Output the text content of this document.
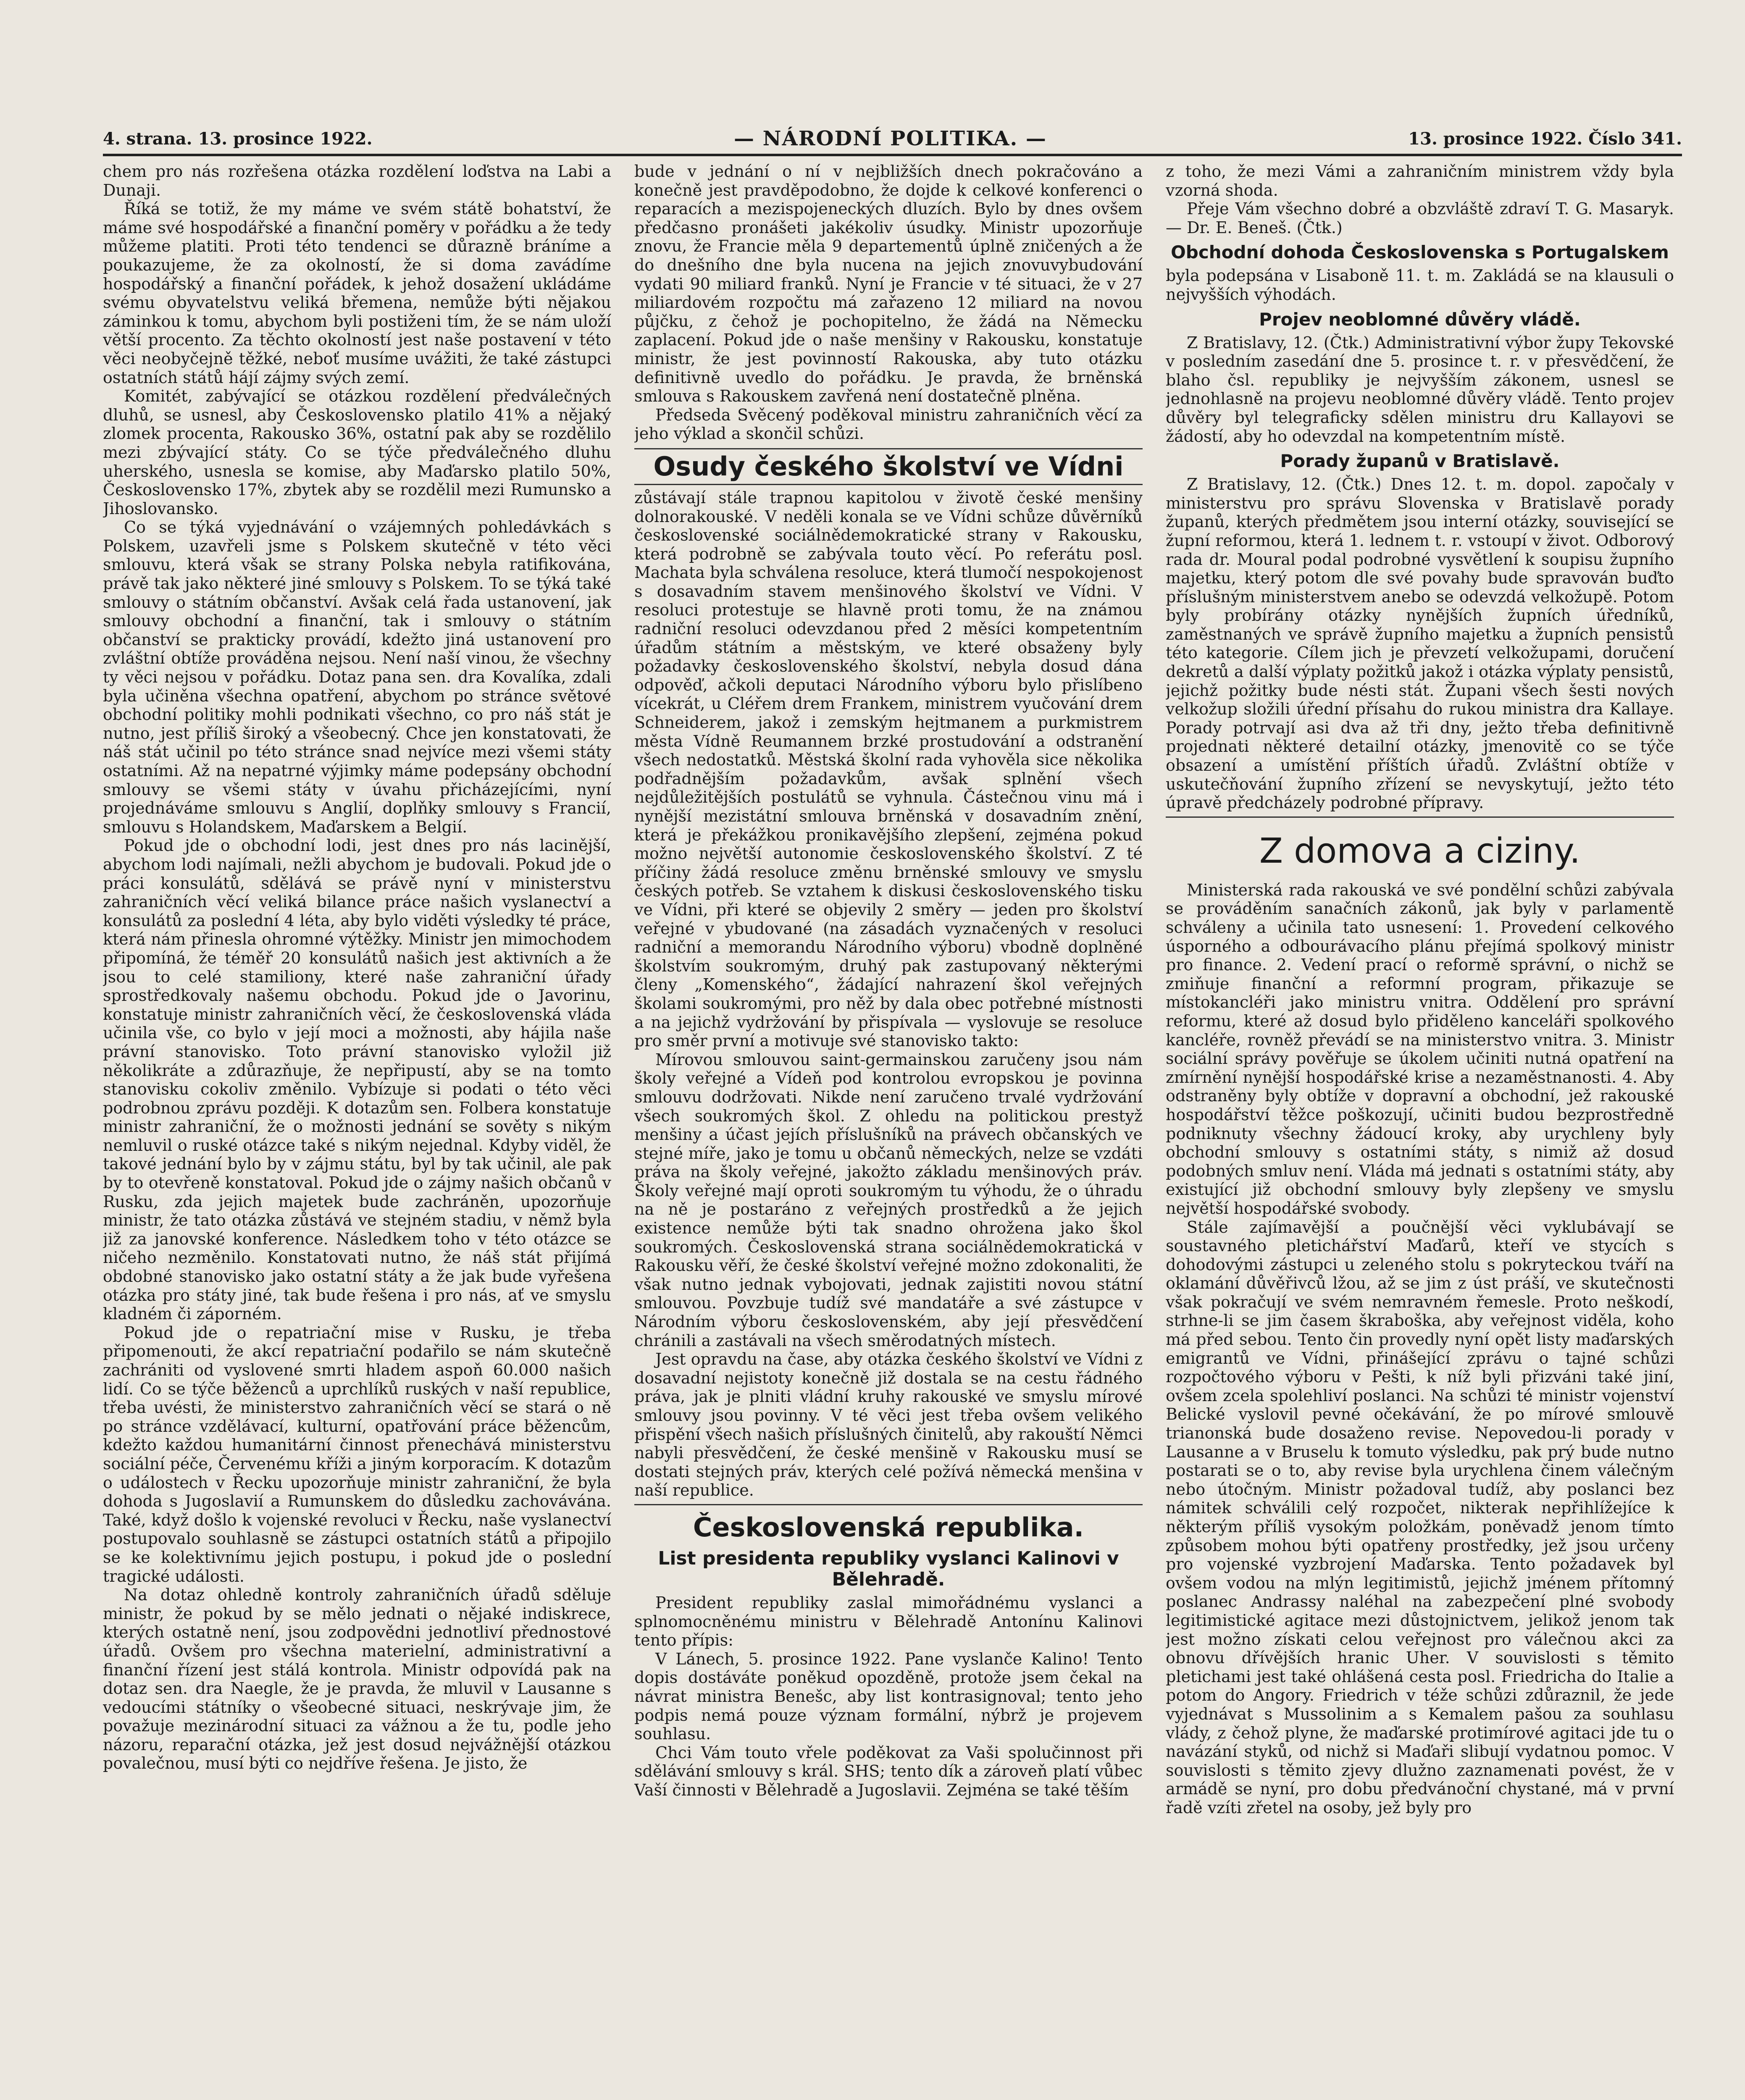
4. strana. 13. prosince 1922.	— NÁRODNÍ POLITIKA. —	13. prosince 1922. Číslo 341.

chem pro nás rozřešena otázka rozdělení loďstva na Labi a Dunaji.

Říká se totiž, že my máme ve svém státě bohatství, že máme své hospodářské a finanční poměry v pořádku a že tedy můžeme platiti. Proti této tendenci se důrazně bráníme a poukazujeme, že za okolností, že si doma zavádíme hospodářský a finanční pořádek, k jehož dosažení ukládáme svému obyvatelstvu veliká břemena, nemůže býti nějakou záminkou k tomu, abychom byli postiženi tím, že se nám uloží větší procento. Za těchto okolností jest naše postavení v této věci neobyčejně těžké, neboť musíme uvážiti, že také zástupci ostatních států hájí zájmy svých zemí.

Komitét, zabývající se otázkou rozdělení předválečných dluhů, se usnesl, aby Československo platilo 41% a nějaký zlomek procenta, Rakousko 36%, ostatní pak aby se rozdělilo mezi zbývající státy. Co se týče předválečného dluhu uherského, usnesla se komise, aby Maďarsko platilo 50%, Československo 17%, zbytek aby se rozdělil mezi Rumunsko a Jihoslovansko.

Co se týká vyjednávání o vzájemných pohledávkách s Polskem, uzavřeli jsme s Polskem skutečně v této věci smlouvu, která však se strany Polska nebyla ratifikována, právě tak jako některé jiné smlouvy s Polskem. To se týká také smlouvy o státním občanství. Avšak celá řada ustanovení, jak smlouvy obchodní a finanční, tak i smlouvy o státním občanství se prakticky provádí, kdežto jiná ustanovení pro zvláštní obtíže prováděna nejsou. Není naší vinou, že všechny ty věci nejsou v pořádku. Dotaz pana sen. dra Kovalíka, zdali byla učiněna všechna opatření, abychom po stránce světové obchodní politiky mohli podnikati všechno, co pro náš stát je nutno, jest příliš široký a všeobecný. Chce jen konstatovati, že náš stát učinil po této stránce snad nejvíce mezi všemi státy ostatními. Až na nepatrné výjimky máme podepsány obchodní smlouvy se všemi státy v úvahu přicházejícími, nyní projednáváme smlouvu s Anglií, doplňky smlouvy s Francií, smlouvu s Holandskem, Maďarskem a Belgií.

Pokud jde o obchodní lodi, jest dnes pro nás lacinější, abychom lodi najímali, nežli abychom je budovali. Pokud jde o práci konsulátů, sdělává se právě nyní v ministerstvu zahraničních věcí veliká bilance práce našich vyslanectví a konsulátů za poslední 4 léta, aby bylo viděti výsledky té práce, která nám přinesla ohromné výtěžky. Ministr jen mimochodem připomíná, že téměř 20 konsulátů našich jest aktivních a že jsou to celé stamiliony, které naše zahraniční úřady sprostředkovaly našemu obchodu. Pokud jde o Javorinu, konstatuje ministr zahraničních věcí, že československá vláda učinila vše, co bylo v její moci a možnosti, aby hájila naše právní stanovisko. Toto právní stanovisko vyložil již několikráte a zdůrazňuje, že nepřipustí, aby se na tomto stanovisku cokoliv změnilo. Vybízuje si podati o této věci podrobnou zprávu později. K dotazům sen. Folbera konstatuje ministr zahraniční, že o možnosti jednání se sověty s nikým nemluvil o ruské otázce také s nikým nejednal. Kdyby viděl, že takové jednání bylo by v zájmu státu, byl by tak učinil, ale pak by to otevřeně konstatoval. Pokud jde o zájmy našich občanů v Rusku, zda jejich majetek bude zachráněn, upozorňuje ministr, že tato otázka zůstává ve stejném stadiu, v němž byla již za janovské konference. Následkem toho v této otázce se ničeho nezměnilo. Konstatovati nutno, že náš stát přijímá obdobné stanovisko jako ostatní státy a že jak bude vyřešena otázka pro státy jiné, tak bude řešena i pro nás, ať ve smyslu kladném či záporném.

Pokud jde o repatriační mise v Rusku, je třeba připomenouti, že akcí repatriační podařilo se nám skutečně zachrániti od vyslovené smrti hladem aspoň 60.000 našich lidí. Co se týče běženců a uprchlíků ruských v naší republice, třeba uvésti, že ministerstvo zahraničních věcí se stará o ně po stránce vzdělávací, kulturní, opatřování práce běžencům, kdežto každou humanitární činnost přenechává ministerstvu sociální péče, Červenému kříži a jiným korporacím. K dotazům o událostech v Řecku upozorňuje ministr zahraniční, že byla dohoda s Jugoslavií a Rumunskem do důsledku zachovávána. Také, když došlo k vojenské revoluci v Řecku, naše vyslanectví postupovalo souhlasně se zástupci ostatních států a připojilo se ke kolektivnímu jejich postupu, i pokud jde o poslední tragické události.

Na dotaz ohledně kontroly zahraničních úřadů sděluje ministr, že pokud by se mělo jednati o nějaké indiskrece, kterých ostatně není, jsou zodpovědni jednotliví přednostové úřadů. Ovšem pro všechna materielní, administrativní a finanční řízení jest stálá kontrola. Ministr odpovídá pak na dotaz sen. dra Naegle, že je pravda, že mluvil v Lausanne s vedoucími státníky o všeobecné situaci, neskrývaje jim, že považuje mezinárodní situaci za vážnou a že tu, podle jeho názoru, reparační otázka, jež jest dosud nejvážnější otázkou povalečnou, musí býti co nejdříve řešena. Je jisto, že

bude v jednání o ní v nejbližších dnech pokračováno a konečně jest pravděpodobno, že dojde k celkové konferenci o reparacích a mezispojeneckých dluzích. Bylo by dnes ovšem předčasno pronášeti jakékoliv úsudky. Ministr upozorňuje znovu, že Francie měla 9 departementů úplně zničených a že do dnešního dne byla nucena na jejich znovuvybudování vydati 90 miliard franků. Nyní je Francie v té situaci, že v 27 miliardovém rozpočtu má zařazeno 12 miliard na novou půjčku, z čehož je pochopitelno, že žádá na Německu zaplacení. Pokud jde o naše menšiny v Rakousku, konstatuje ministr, že jest povinností Rakouska, aby tuto otázku definitivně uvedlo do pořádku. Je pravda, že brněnská smlouva s Rakouskem zavřená není dostatečně plněna.

Předseda Svěcený poděkoval ministru zahraničních věcí za jeho výklad a skončil schůzi.

Osudy českého školství ve Vídni

zůstávají stále trapnou kapitolou v životě české menšiny dolnorakouské. V neděli konala se ve Vídni schůze důvěrníků československé sociálnědemokratické strany v Rakousku, která podrobně se zabývala touto věcí. Po referátu posl. Machata byla schválena resoluce, která tlumočí nespokojenost s dosavadním stavem menšinového školství ve Vídni. V resoluci protestuje se hlavně proti tomu, že na známou radniční resoluci odevzdanou před 2 měsíci kompetentním úřadům státním a městským, ve které obsaženy byly požadavky československého školství, nebyla dosud dána odpověď, ačkoli deputaci Národního výboru bylo přislíbeno vícekrát, u Cléřem drem Frankem, ministrem vyučování drem Schneiderem, jakož i zemským hejtmanem a purkmistrem města Vídně Reumannem brzké prostudování a odstranění všech nedostatků. Městská školní rada vyhověla sice několika podřadnějším požadavkům, avšak splnění všech nejdůležitějších postulátů se vyhnula. Částečnou vinu má i nynější mezistátní smlouva brněnská v dosavadním znění, která je překážkou pronikavějšího zlepšení, zejména pokud možno největší autonomie československého školství. Z té příčiny žádá resoluce změnu brněnské smlouvy ve smyslu českých potřeb. Se vztahem k diskusi československého tisku ve Vídni, při které se objevily 2 směry — jeden pro školství veřejné v ybudované (na zásadách vyznačených v resoluci radniční a memorandu Národního výboru) vbodně doplněné školstvím soukromým, druhý pak zastupovaný některými členy „Komenského“, žádající nahrazení škol veřejných školami soukromými, pro něž by dala obec potřebné místnosti a na jejichž vydržování by přispívala — vyslovuje se resoluce pro směr první a motivuje své stanovisko takto:

Mírovou smlouvou saint-germainskou zaručeny jsou nám školy veřejné a Vídeň pod kontrolou evropskou je povinna smlouvu dodržovati. Nikde není zaručeno trvalé vydržování všech soukromých škol. Z ohledu na politickou prestyž menšiny a účast jejích příslušníků na právech občanských ve stejné míře, jako je tomu u občanů německých, nelze se vzdáti práva na školy veřejné, jakožto základu menšinových práv. Školy veřejné mají oproti soukromým tu výhodu, že o úhradu na ně je postaráno z veřejných prostředků a že jejich existence nemůže býti tak snadno ohrožena jako škol soukromých. Československá strana sociálnědemokratická v Rakousku věří, že české školství veřejné možno zdokonaliti, že však nutno jednak vybojovati, jednak zajistiti novou státní smlouvou. Povzbuje tudíž své mandatáře a své zástupce v Národním výboru československém, aby její přesvědčení chránili a zastávali na všech směrodatných místech.

Jest opravdu na čase, aby otázka českého školství ve Vídni z dosavadní nejistoty konečně již dostala se na cestu řádného práva, jak je plniti vládní kruhy rakouské ve smyslu mírové smlouvy jsou povinny. V té věci jest třeba ovšem velikého přispění všech našich příslušných činitelů, aby rakouští Němci nabyli přesvědčení, že české menšině v Rakousku musí se dostati stejných práv, kterých celé požívá německá menšina v naší republice.

Československá republika.
List presidenta republiky vyslanci Kalinovi v Bělehradě.

President republiky zaslal mimořádnému vyslanci a splnomocněnému ministru v Bělehradě Antonínu Kalinovi tento přípis:

V Lánech, 5. prosince 1922. Pane vyslanče Kalino! Tento dopis dostáváte poněkud opozděně, protože jsem čekal na návrat ministra Benešc, aby list kontrasignoval; tento jeho podpis nemá pouze význam formální, nýbrž je projevem souhlasu.

Chci Vám touto vřele poděkovat za Vaši spolučinnost při sdělávání smlouvy s král. SHS; tento dík a zároveň platí vůbec Vaší činnosti v Bělehradě a Jugoslavii. Zejména se také těším

z toho, že mezi Vámi a zahraničním ministrem vždy byla vzorná shoda.

Přeje Vám všechno dobré a obzvláště zdraví T. G. Masaryk. — Dr. E. Beneš. (Čtk.)

Obchodní dohoda Československa s Portugalskem

byla podepsána v Lisaboně 11. t. m. Zakládá se na klausuli o nejvyšších výhodách.

Projev neoblomné důvěry vládě.

Z Bratislavy, 12. (Čtk.) Administrativní výbor župy Tekovské v posledním zasedání dne 5. prosince t. r. v přesvědčení, že blaho čsl. republiky je nejvyšším zákonem, usnesl se jednohlasně na projevu neoblomné důvěry vládě. Tento projev důvěry byl telegraficky sdělen ministru dru Kallayovi se žádostí, aby ho odevzdal na kompetentním místě.

Porady županů v Bratislavě.

Z Bratislavy, 12. (Čtk.) Dnes 12. t. m. dopol. započaly v ministerstvu pro správu Slovenska v Bratislavě porady županů, kterých předmětem jsou interní otázky, související se župní reformou, která 1. lednem t. r. vstoupí v život. Odborový rada dr. Moural podal podrobné vysvětlení k soupisu župního majetku, který potom dle své povahy bude spravován buďto příslušným ministerstvem anebo se odevzdá velkožupě. Potom byly probírány otázky nynějších župních úředníků, zaměstnaných ve správě župního majetku a župních pensistů této kategorie. Cílem jich je převzetí velkožupami, doručení dekretů a další výplaty požitků jakož i otázka výplaty pensistů, jejichž požitky bude nésti stát. Župani všech šesti nových velkožup složili úřední přísahu do rukou ministra dra Kallaye. Porady potrvají asi dva až tři dny, ježto třeba definitivně projednati některé detailní otázky, jmenovitě co se týče obsazení a umístění příštích úřadů. Zvláštní obtíže v uskutečňování župního zřízení se nevyskytují, ježto této úpravě předcházely podrobné přípravy.

Z domova a ciziny.

Ministerská rada rakouská ve své pondělní schůzi zabývala se prováděním sanačních zákonů, jak byly v parlamentě schváleny a učinila tato usnesení: 1. Provedení celkového úsporného a odbourávacího plánu přejímá spolkový ministr pro finance. 2. Vedení prací o reformě správní, o nichž se zmiňuje finanční a reformní program, přikazuje se místokancléři jako ministru vnitra. Oddělení pro správní reformu, které až dosud bylo přiděleno kanceláři spolkového kancléře, rovněž převádí se na ministerstvo vnitra. 3. Ministr sociální správy pověřuje se úkolem učiniti nutná opatření na zmírnění nynější hospodářské krise a nezaměstnanosti. 4. Aby odstraněny byly obtíže v dopravní a obchodní, jež rakouské hospodářství těžce poškozují, učiniti budou bezprostředně podniknuty všechny žádoucí kroky, aby urychleny byly obchodní smlouvy s ostatními státy, s nimiž až dosud podobných smluv není. Vláda má jednati s ostatními státy, aby existující již obchodní smlouvy byly zlepšeny ve smyslu největší hospodářské svobody.

Stále zajímavější a poučnější věci vyklubávají se soustavného pletichářství Maďarů, kteří ve stycích s dohodovými zástupci u zeleného stolu s pokryteckou tváří na oklamání důvěřivců lžou, až se jim z úst práší, ve skutečnosti však pokračují ve svém nemravném řemesle. Proto neškodí, strhne-li se jim časem škraboška, aby veřejnost viděla, koho má před sebou. Tento čin provedly nyní opět listy maďarských emigrantů ve Vídni, přinášející zprávu o tajné schůzi rozpočtového výboru v Pešti, k níž byli přizváni také jiní, ovšem zcela spolehliví poslanci. Na schůzi té ministr vojenství Belické vyslovil pevné očekávání, že po mírové smlouvě trianonská bude dosaženo revise. Nepovedou-li porady v Lausanne a v Bruselu k tomuto výsledku, pak prý bude nutno postarati se o to, aby revise byla urychlena činem válečným nebo útočným. Ministr požadoval tudíž, aby poslanci bez námitek schválili celý rozpočet, nikterak nepřihlížejíce k některým příliš vysokým položkám, poněvadž jenom tímto způsobem mohou býti opatřeny prostředky, jež jsou určeny pro vojenské vyzbrojení Maďarska. Tento požadavek byl ovšem vodou na mlýn legitimistů, jejichž jménem přítomný poslanec Andrassy naléhal na zabezpečení plné svobody legitimistické agitace mezi důstojnictvem, jelikož jenom tak jest možno získati celou veřejnost pro válečnou akci za obnovu dřívějších hranic Uher. V souvislosti s těmito pletichami jest také ohlášená cesta posl. Friedricha do Italie a potom do Angory. Friedrich v téže schůzi zdůraznil, že jede vyjednávat s Mussolinim a s Kemalem pašou za souhlasu vlády, z čehož plyne, že maďarské protimírové agitaci jde tu o navázání styků, od nichž si Maďaři slibují vydatnou pomoc. V souvislosti s těmito zjevy dlužno zaznamenati povést, že v armádě se nyní, pro dobu předvánoční chystané, má v první řadě vzíti zřetel na osoby, jež byly pro
